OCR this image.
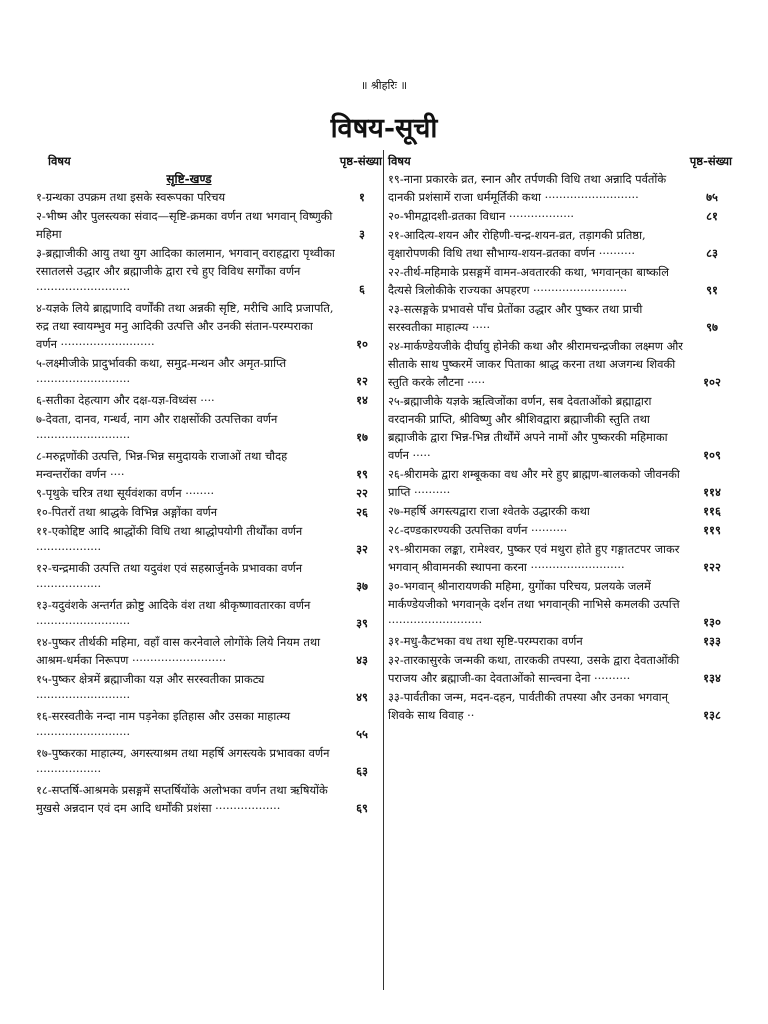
॥ श्रीहरिः ॥
विषय-सूची
विषय	पृष्ठ-संख्या
सृष्टि-खण्ड
१-ग्रन्थका उपक्रम तथा इसके स्वरूपका परिचय	१
२-भीष्म और पुलस्त्यका संवाद—सृष्टि-क्रमका वर्णन तथा भगवान् विष्णुकी महिमा	३
३-ब्रह्माजीकी आयु तथा युग आदिका कालमान, भगवान् वराहद्वारा पृथ्वीका रसातलसे उद्धार और ब्रह्माजीके द्वारा रचे हुए विविध सर्गोंका वर्णन ··························	६
४-यज्ञके लिये ब्राह्मणादि वर्णोंकी तथा अन्नकी सृष्टि, मरीचि आदि प्रजापति, रुद्र तथा स्वायम्भुव मनु आदिकी उत्पत्ति और उनकी संतान-परम्पराका वर्णन ··························	१०
५-लक्ष्मीजीके प्रादुर्भावकी कथा, समुद्र-मन्थन और अमृत-प्राप्ति ··························	१२
६-सतीका देहत्याग और दक्ष-यज्ञ-विध्वंस ····	१४
७-देवता, दानव, गन्धर्व, नाग और राक्षसोंकी उत्पत्तिका वर्णन ··························	१७
८-मरुद्गणोंकी उत्पत्ति, भिन्न-भिन्न समुदायके राजाओं तथा चौदह मन्वन्तरोंका वर्णन ····	१९
९-पृथुके चरित्र तथा सूर्यवंशका वर्णन ········	२२
१०-पितरों तथा श्राद्धके विभिन्न अङ्गोंका वर्णन	२६
११-एकोद्दिष्ट आदि श्राद्धोंकी विधि तथा श्राद्धोपयोगी तीर्थोंका वर्णन ··················	३२
१२-चन्द्रमाकी उत्पत्ति तथा यदुवंश एवं सहस्रार्जुनके प्रभावका वर्णन ··················	३७
१३-यदुवंशके अन्तर्गत क्रोष्टु आदिके वंश तथा श्रीकृष्णावतारका वर्णन ··························	३९
१४-पुष्कर तीर्थकी महिमा, वहाँ वास करनेवाले लोगोंके लिये नियम तथा आश्रम-धर्मका निरूपण ··························	४३
१५-पुष्कर क्षेत्रमें ब्रह्माजीका यज्ञ और सरस्वतीका प्राकट्य ··························	४९
१६-सरस्वतीके नन्दा नाम पड़नेका इतिहास और उसका माहात्म्य ··························	५५
१७-पुष्करका माहात्म्य, अगस्त्याश्रम तथा महर्षि अगस्त्यके प्रभावका वर्णन ··················	६३
१८-सप्तर्षि-आश्रमके प्रसङ्गमें सप्तर्षियोंके अलोभका वर्णन तथा ऋषियोंके मुखसे अन्नदान एवं दम आदि धर्मोंकी प्रशंसा ··················	६९
विषय	पृष्ठ-संख्या
१९-नाना प्रकारके व्रत, स्नान और तर्पणकी विधि तथा अन्नादि पर्वतोंके दानकी प्रशंसामें राजा धर्ममूर्तिकी कथा ··························	७५
२०-भीमद्वादशी-व्रतका विधान ··················	८१
२१-आदित्य-शयन और रोहिणी-चन्द्र-शयन-व्रत, तड़ागकी प्रतिष्ठा, वृक्षारोपणकी विधि तथा सौभाग्य-शयन-व्रतका वर्णन ··········	८३
२२-तीर्थ-महिमाके प्रसङ्गमें वामन-अवतारकी कथा, भगवान्‌का बाष्कलि दैत्यसे त्रिलोकीके राज्यका अपहरण ··························	९१
२३-सत्सङ्गके प्रभावसे पाँच प्रेतोंका उद्धार और पुष्कर तथा प्राची सरस्वतीका माहात्म्य ·····	९७
२४-मार्कण्डेयजीके दीर्घायु होनेकी कथा और श्रीरामचन्द्रजीका लक्ष्मण और सीताके साथ पुष्करमें जाकर पिताका श्राद्ध करना तथा अजगन्ध शिवकी स्तुति करके लौटना ·····	१०२
२५-ब्रह्माजीके यज्ञके ऋत्विजोंका वर्णन, सब देवताओंको ब्रह्माद्वारा वरदानकी प्राप्ति, श्रीविष्णु और श्रीशिवद्वारा ब्रह्माजीकी स्तुति तथा ब्रह्माजीके द्वारा भिन्न-भिन्न तीर्थोंमें अपने नामों और पुष्करकी महिमाका वर्णन ·····	१०९
२६-श्रीरामके द्वारा शम्बूकका वध और मरे हुए ब्राह्मण-बालकको जीवनकी प्राप्ति ··········	११४
२७-महर्षि अगस्त्यद्वारा राजा श्वेतके उद्धारकी कथा	११६
२८-दण्डकारण्यकी उत्पत्तिका वर्णन ··········	११९
२९-श्रीरामका लङ्का, रामेश्वर, पुष्कर एवं मथुरा होते हुए गङ्गातटपर जाकर भगवान् श्रीवामनकी स्थापना करना ··························	१२२
३०-भगवान् श्रीनारायणकी महिमा, युगोंका परिचय, प्रलयके जलमें मार्कण्डेयजीको भगवान्‌के दर्शन तथा भगवान्‌की नाभिसे कमलकी उत्पत्ति ··························	१३०
३१-मधु-कैटभका वध तथा सृष्टि-परम्पराका वर्णन	१३३
३२-तारकासुरके जन्मकी कथा, तारककी तपस्या, उसके द्वारा देवताओंकी पराजय और ब्रह्माजी-का देवताओंको सान्त्वना देना ··········	१३४
३३-पार्वतीका जन्म, मदन-दहन, पार्वतीकी तपस्या और उनका भगवान् शिवके साथ विवाह ··	१३८
